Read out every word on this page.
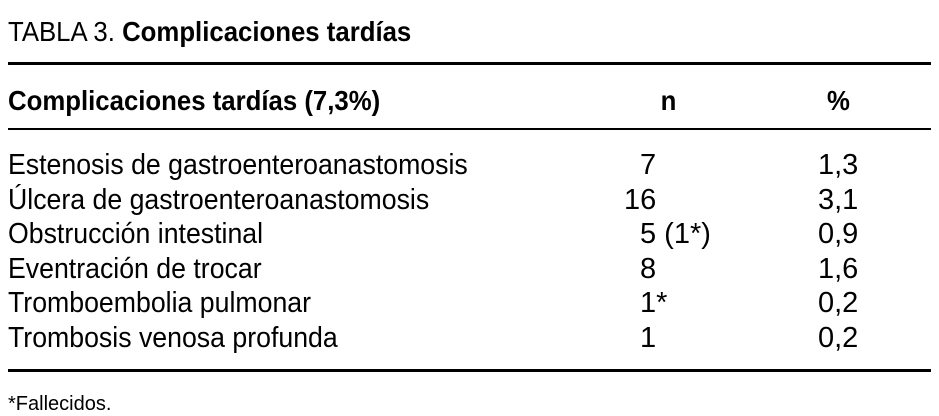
TABLA 3. Complicaciones tardías
Complicaciones tardías (7,3%)	n	%
Estenosis de gastroenteroanastomosis	7	1,3
Úlcera de gastroenteroanastomosis	16	3,1
Obstrucción intestinal	5 (1*)	0,9
Eventración de trocar	8	1,6
Tromboembolia pulmonar	1*	0,2
Trombosis venosa profunda	1	0,2
*Fallecidos.
